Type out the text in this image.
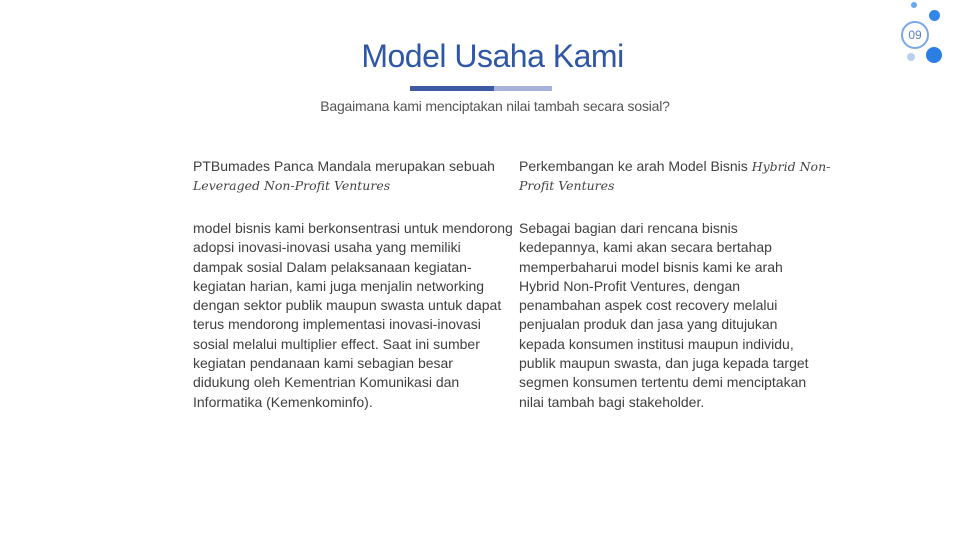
09
Model Usaha Kami
Bagaimana kami menciptakan nilai tambah secara sosial?

PTBumades Panca Mandala merupakan sebuah Leveraged Non-Profit Ventures

model bisnis kami berkonsentrasi untuk mendorong adopsi inovasi-inovasi usaha yang memiliki dampak sosial Dalam pelaksanaan kegiatan-kegiatan harian, kami juga menjalin networking dengan sektor publik maupun swasta untuk dapat terus mendorong implementasi inovasi-inovasi sosial melalui multiplier effect. Saat ini sumber kegiatan pendanaan kami sebagian besar didukung oleh Kementrian Komunikasi dan Informatika (Kemenkominfo).

Perkembangan ke arah Model Bisnis Hybrid Non-Profit Ventures

Sebagai bagian dari rencana bisnis kedepannya, kami akan secara bertahap memperbaharui model bisnis kami ke arah Hybrid Non-Profit Ventures, dengan penambahan aspek cost recovery melalui penjualan produk dan jasa yang ditujukan kepada konsumen institusi maupun individu, publik maupun swasta, dan juga kepada target segmen konsumen tertentu demi menciptakan nilai tambah bagi stakeholder.
